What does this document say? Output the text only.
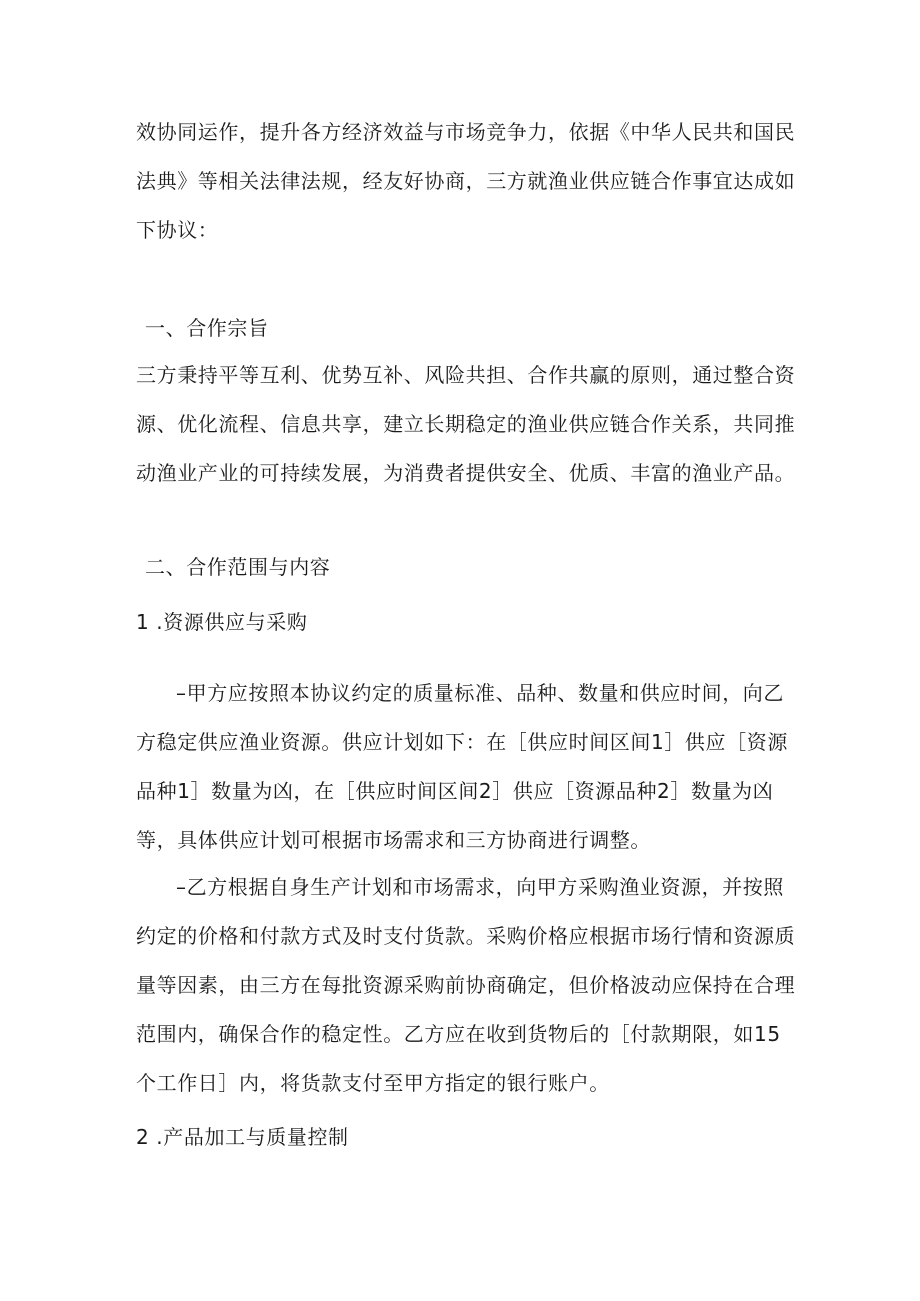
效协同运作，提升各方经济效益与市场竞争力，依据《中华人民共和国民
法典》等相关法律法规，经友好协商，三方就渔业供应链合作事宜达成如
下协议：
一、合作宗旨
三方秉持平等互利、优势互补、风险共担、合作共赢的原则，通过整合资
源、优化流程、信息共享，建立长期稳定的渔业供应链合作关系，共同推
动渔业产业的可持续发展，为消费者提供安全、优质、丰富的渔业产品。
二、合作范围与内容
1 .资源供应与采购
–甲方应按照本协议约定的质量标准、品种、数量和供应时间，向乙
方稳定供应渔业资源。供应计划如下：在［供应时间区间1］供应［资源
品种1］数量为凶，在［供应时间区间2］供应［资源品种2］数量为凶
等，具体供应计划可根据市场需求和三方协商进行调整。
–乙方根据自身生产计划和市场需求，向甲方采购渔业资源，并按照
约定的价格和付款方式及时支付货款。采购价格应根据市场行情和资源质
量等因素，由三方在每批资源采购前协商确定，但价格波动应保持在合理
范围内，确保合作的稳定性。乙方应在收到货物后的［付款期限，如15
个工作日］内，将货款支付至甲方指定的银行账户。
2 .产品加工与质量控制
